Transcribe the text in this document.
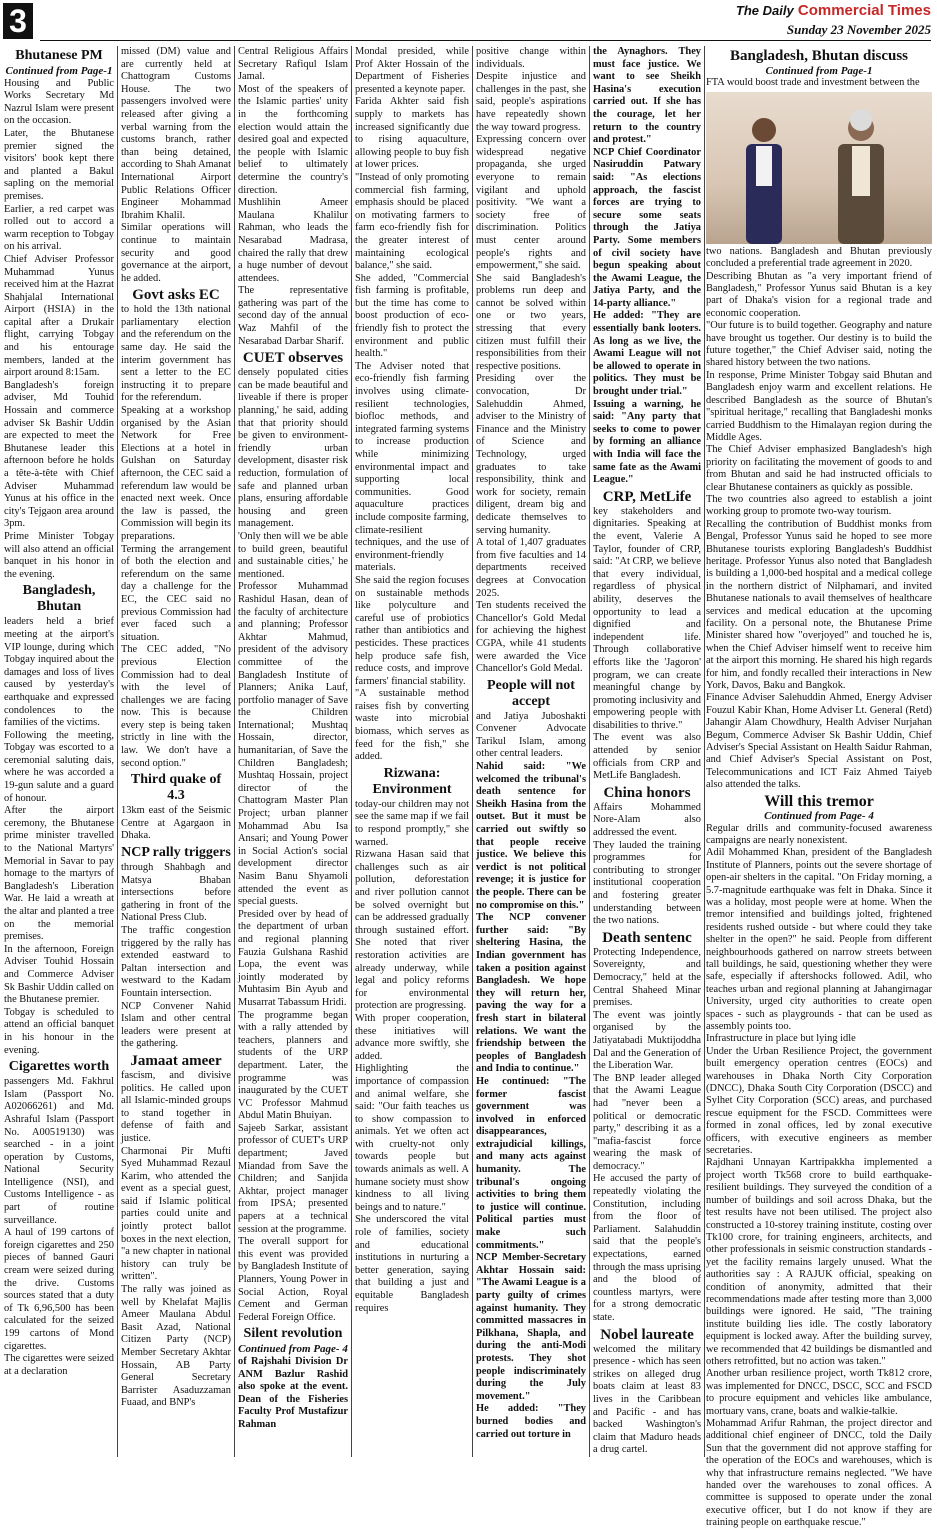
3	The Daily Commercial Times
Sunday 23 November 2025
Bhutanese PM
Continued from Page-1

Housing and Public Works Secretary Md Nazrul Islam were present on the occasion.

Later, the Bhutanese premier signed the visitors' book kept there and planted a Bakul sapling on the memorial premises.

Earlier, a red carpet was rolled out to accord a warm reception to Tobgay on his arrival.

Chief Adviser Professor Muhammad Yunus received him at the Hazrat Shahjalal International Airport (HSIA) in the capital after a Drukair flight, carrying Tobgay and his entourage members, landed at the airport around 8:15am.

Bangladesh's foreign adviser, Md Touhid Hossain and commerce adviser Sk Bashir Uddin are expected to meet the Bhutanese leader this afternoon before he holds a tête-à-tête with Chief Adviser Muhammad Yunus at his office in the city's Tejgaon area around 3pm.

Prime Minister Tobgay will also attend an official banquet in his honor in the evening.

Bangladesh, Bhutan

leaders held a brief meeting at the airport's VIP lounge, during which Tobgay inquired about the damages and loss of lives caused by yesterday's earthquake and expressed condolences to the families of the victims.

Following the meeting, Tobgay was escorted to a ceremonial saluting dais, where he was accorded a 19-gun salute and a guard of honour.

After the airport ceremony, the Bhutanese prime minister travelled to the National Martyrs' Memorial in Savar to pay homage to the martyrs of Bangladesh's Liberation War. He laid a wreath at the altar and planted a tree on the memorial premises.

In the afternoon, Foreign Adviser Touhid Hossain and Commerce Adviser Sk Bashir Uddin called on the Bhutanese premier.

Tobgay is scheduled to attend an official banquet in his honour in the evening.

Cigarettes worth

passengers Md. Fakhrul Islam (Passport No. A02066261) and Md. Ashraful Islam (Passport No. A00519130) was searched - in a joint operation by Customs, National Security Intelligence (NSI), and Customs Intelligence - as part of routine surveillance.

A haul of 199 cartons of foreign cigarettes and 250 pieces of banned Gauri cream were seized during the drive. Customs sources stated that a duty of Tk 6,96,500 has been calculated for the seized 199 cartons of Mond cigarettes.

The cigarettes were seized at a declaration

missed (DM) value and are currently held at Chattogram Customs House. The two passengers involved were released after giving a verbal warning from the customs branch, rather than being detained, according to Shah Amanat International Airport Public Relations Officer Engineer Mohammad Ibrahim Khalil.

Similar operations will continue to maintain security and good governance at the airport, he added.

Govt asks EC

to hold the 13th national parliamentary election and the referendum on the same day. He said the interim government has sent a letter to the EC instructing it to prepare for the referendum.

Speaking at a workshop organised by the Asian Network for Free Elections at a hotel in Gulshan on Saturday afternoon, the CEC said a referendum law would be enacted next week. Once the law is passed, the Commission will begin its preparations.

Terming the arrangement of both the election and referendum on the same day a challenge for the EC, the CEC said no previous Commission had ever faced such a situation.

The CEC added, "No previous Election Commission had to deal with the level of challenges we are facing now. This is because every step is being taken strictly in line with the law. We don't have a second option."

Third quake of 4.3

13km east of the Seismic Centre at Agargaon in Dhaka.

NCP rally triggers

through Shahbagh and Matsya Bhaban intersections before gathering in front of the National Press Club.

The traffic congestion triggered by the rally has extended eastward to Paltan intersection and westward to the Kadam Fountain intersection.

NCP Convener Nahid Islam and other central leaders were present at the gathering.

Jamaat ameer

fascism, and divisive politics. He called upon all Islamic-minded groups to stand together in defense of faith and justice.

Charmonai Pir Mufti Syed Muhammad Rezaul Karim, who attended the event as a special guest, said if Islamic political parties could unite and jointly protect ballot boxes in the next election, "a new chapter in national history can truly be written".

The rally was joined as well by Khelafat Majlis Ameer Maulana Abdul Basit Azad, National Citizen Party (NCP) Member Secretary Akhtar Hossain, AB Party General Secretary Barrister Asaduzzaman Fuaad, and BNP's

Central Religious Affairs Secretary Rafiqul Islam Jamal.

Most of the speakers of the Islamic parties' unity in the forthcoming election would attain the desired goal and expected the people with Islamic belief to ultimately determine the country's direction.

Mushlihin Ameer Maulana Khalilur Rahman, who leads the Nesarabad Madrasa, chaired the rally that drew a huge number of devout attendees.

The representative gathering was part of the second day of the annual Waz Mahfil of the Nesarabad Darbar Sharif.

CUET observes

densely populated cities can be made beautiful and liveable if there is proper planning,' he said, adding that that priority should be given to environment-friendly urban development, disaster risk reduction, formulation of safe and planned urban plans, ensuring affordable housing and green management.

'Only then will we be able to build green, beautiful and sustainable cities,' he mentioned.

Professor Muhammad Rashidul Hasan, dean of the faculty of architecture and planning; Professor Akhtar Mahmud, president of the advisory committee of the Bangladesh Institute of Planners; Anika Lauf, portfolio manager of Save the Children International; Mushtaq Hossain, director, humanitarian, of Save the Children Bangladesh; Mushtaq Hossain, project director of the Chattogram Master Plan Project; urban planner Mohammad Abu Isa Ansari; and Young Power in Social Action's social development director Nasim Banu Shyamoli attended the event as special guests.

Presided over by head of the department of urban and regional planning Fauzia Gulshana Rashid Lopa, the event was jointly moderated by Muhtasim Bin Ayub and Musarrat Tabassum Hridi.

The programme began with a rally attended by teachers, planners and students of the URP department. Later, the programme was inaugurated by the CUET VC Professor Mahmud Abdul Matin Bhuiyan.

Sajeeb Sarkar, assistant professor of CUET's URP department; Javed Miandad from Save the Children; and Sanjida Akhtar, project manager from IPSA; presented papers at a technical session at the programme.

The overall support for this event was provided by Bangladesh Institute of Planners, Young Power in Social Action, Royal Cement and German Federal Foreign Office.

Silent revolution
Continued from Page- 4

of Rajshahi Division Dr ANM Bazlur Rashid also spoke at the event. Dean of the Fisheries Faculty Prof Mustafizur Rahman

Mondal presided, while Prof Akter Hossain of the Department of Fisheries presented a keynote paper.

Farida Akhter said fish supply to markets has increased significantly due to rising aquaculture, allowing people to buy fish at lower prices.

"Instead of only promoting commercial fish farming, emphasis should be placed on motivating farmers to farm eco-friendly fish for the greater interest of maintaining ecological balance," she said.

She added, "Commercial fish farming is profitable, but the time has come to boost production of eco-friendly fish to protect the environment and public health."

The Adviser noted that eco-friendly fish farming involves using climate-resilient technologies, biofloc methods, and integrated farming systems to increase production while minimizing environmental impact and supporting local communities. Good aquaculture practices include composite farming, climate-resilient techniques, and the use of environment-friendly materials.

She said the region focuses on sustainable methods like polyculture and careful use of probiotics rather than antibiotics and pesticides. These practices help produce safe fish, reduce costs, and improve farmers' financial stability.

"A sustainable method raises fish by converting waste into microbial biomass, which serves as feed for the fish," she added.

Rizwana: Environment

today-our children may not see the same map if we fail to respond promptly," she warned.

Rizwana Hasan said that challenges such as air pollution, deforestation and river pollution cannot be solved overnight but can be addressed gradually through sustained effort. She noted that river restoration activities are already underway, while legal and policy reforms for environmental protection are progressing.

With proper cooperation, these initiatives will advance more swiftly, she added.

Highlighting the importance of compassion and animal welfare, she said: "Our faith teaches us to show compassion to animals. Yet we often act with cruelty-not only towards people but towards animals as well. A humane society must show kindness to all living beings and to nature."

She underscored the vital role of families, society and educational institutions in nurturing a better generation, saying that building a just and equitable Bangladesh requires

positive change within individuals.

Despite injustice and challenges in the past, she said, people's aspirations have repeatedly shown the way toward progress.

Expressing concern over widespread negative propaganda, she urged everyone to remain vigilant and uphold positivity. "We want a society free of discrimination. Politics must center around people's rights and empowerment," she said.

She said Bangladesh's problems run deep and cannot be solved within one or two years, stressing that every citizen must fulfill their responsibilities from their respective positions.

Presiding over the convocation, Dr Salehuddin Ahmed, adviser to the Ministry of Finance and the Ministry of Science and Technology, urged graduates to take responsibility, think and work for society, remain diligent, dream big and dedicate themselves to serving humanity.

A total of 1,407 graduates from five faculties and 14 departments received degrees at Convocation 2025.

Ten students received the Chancellor's Gold Medal for achieving the highest CGPA, while 41 students were awarded the Vice Chancellor's Gold Medal.

People will not accept

and Jatiya Juboshakti Convener Advocate Tarikul Islam, among other central leaders.

Nahid said: "We welcomed the tribunal's death sentence for Sheikh Hasina from the outset. But it must be carried out swiftly so that people receive justice. We believe this verdict is not political revenge; it is justice for the people. There can be no compromise on this."

The NCP convener further said: "By sheltering Hasina, the Indian government has taken a position against Bangladesh. We hope they will return her, paving the way for a fresh start in bilateral relations. We want the friendship between the peoples of Bangladesh and India to continue."

He continued: "The former fascist government was involved in enforced disappearances, extrajudicial killings, and many acts against humanity. The tribunal's ongoing activities to bring them to justice will continue. Political parties must make such commitments."

NCP Member-Secretary Akhtar Hossain said: "The Awami League is a party guilty of crimes against humanity. They committed massacres in Pilkhana, Shapla, and during the anti-Modi protests. They shot people indiscriminately during the July movement."

He added: "They burned bodies and carried out torture in

the Aynaghors. They must face justice. We want to see Sheikh Hasina's execution carried out. If she has the courage, let her return to the country and protest."

NCP Chief Coordinator Nasiruddin Patwary said: "As elections approach, the fascist forces are trying to secure some seats through the Jatiya Party. Some members of civil society have begun speaking about the Awami League, the Jatiya Party, and the 14-party alliance."

He added: "They are essentially bank looters. As long as we live, the Awami League will not be allowed to operate in politics. They must be brought under trial."

Issuing a warning, he said: "Any party that seeks to come to power by forming an alliance with India will face the same fate as the Awami League."

CRP, MetLife

key stakeholders and dignitaries. Speaking at the event, Valerie A Taylor, founder of CRP, said: "At CRP, we believe that every individual, regardless of physical ability, deserves the opportunity to lead a dignified and independent life. Through collaborative efforts like the 'Jagoron' program, we can create meaningful change by promoting inclusivity and empowering people with disabilities to thrive."

The event was also attended by senior officials from CRP and MetLife Bangladesh.

China honors

Affairs Mohammed Nore-Alam also addressed the event.

They lauded the training programmes for contributing to stronger institutional cooperation and fostering greater understanding between the two nations.

Death sentenc

Protecting Independence, Sovereignty, and Democracy," held at the Central Shaheed Minar premises.

The event was jointly organised by the Jatiyatabadi Muktijoddha Dal and the Generation of the Liberation War.

The BNP leader alleged that the Awami League had "never been a political or democratic party," describing it as a "mafia-fascist force wearing the mask of democracy."

He accused the party of repeatedly violating the Constitution, including from the floor of Parliament. Salahuddin said that the people's expectations, earned through the mass uprising and the blood of countless martyrs, were for a strong democratic state.

Nobel laureate

welcomed the military presence - which has seen strikes on alleged drug boats claim at least 83 lives in the Caribbean and Pacific - and has backed Washington's claim that Maduro heads a drug cartel.

Bangladesh, Bhutan discuss
Continued from Page-1

FTA would boost trade and investment between the

two nations. Bangladesh and Bhutan previously concluded a preferential trade agreement in 2020.

Describing Bhutan as "a very important friend of Bangladesh," Professor Yunus said Bhutan is a key part of Dhaka's vision for a regional trade and economic cooperation.

"Our future is to build together. Geography and nature have brought us together. Our destiny is to build the future together," the Chief Adviser said, noting the shared history between the two nations.

In response, Prime Minister Tobgay said Bhutan and Bangladesh enjoy warm and excellent relations. He described Bangladesh as the source of Bhutan's "spiritual heritage," recalling that Bangladeshi monks carried Buddhism to the Himalayan region during the Middle Ages.

The Chief Adviser emphasized Bangladesh's high priority on facilitating the movement of goods to and from Bhutan and said he had instructed officials to clear Bhutanese containers as quickly as possible.

The two countries also agreed to establish a joint working group to promote two-way tourism.

Recalling the contribution of Buddhist monks from Bengal, Professor Yunus said he hoped to see more Bhutanese tourists exploring Bangladesh's Buddhist heritage. Professor Yunus also noted that Bangladesh is building a 1,000-bed hospital and a medical college in the northern district of Nilphamari, and invited Bhutanese nationals to avail themselves of healthcare services and medical education at the upcoming facility. On a personal note, the Bhutanese Prime Minister shared how "overjoyed" and touched he is, when the Chief Adviser himself went to receive him at the airport this morning. He shared his high regards for him, and fondly recalled their interactions in New York, Davos, Baku and Bangkok.

Finance Adviser Salehuddin Ahmed, Energy Adviser Fouzul Kabir Khan, Home Adviser Lt. General (Retd) Jahangir Alam Chowdhury, Health Adviser Nurjahan Begum, Commerce Adviser Sk Bashir Uddin, Chief Adviser's Special Assistant on Health Saidur Rahman, and Chief Adviser's Special Assistant on Post, Telecommunications and ICT Faiz Ahmed Taiyeb also attended the talks.

Will this tremor
Continued from Page- 4

Regular drills and community-focused awareness campaigns are nearly nonexistent.

Adil Mohammed Khan, president of the Bangladesh Institute of Planners, points out the severe shortage of open-air shelters in the capital. "On Friday morning, a 5.7-magnitude earthquake was felt in Dhaka. Since it was a holiday, most people were at home. When the tremor intensified and buildings jolted, frightened residents rushed outside - but where could they take shelter in the open?" he said. People from different neighbourhoods gathered on narrow streets between tall buildings, he said, questioning whether they were safe, especially if aftershocks followed. Adil, who teaches urban and regional planning at Jahangirnagar University, urged city authorities to create open spaces - such as playgrounds - that can be used as assembly points too.

Infrastructure in place but lying idle

Under the Urban Resilience Project, the government built emergency operation centres (EOCs) and warehouses in Dhaka North City Corporation (DNCC), Dhaka South City Corporation (DSCC) and Sylhet City Corporation (SCC) areas, and purchased rescue equipment for the FSCD. Committees were formed in zonal offices, led by zonal executive officers, with executive engineers as member secretaries.

Rajdhani Unnayan Kartripakkha implemented a project worth Tk568 crore to build earthquake-resilient buildings. They surveyed the condition of a number of buildings and soil across Dhaka, but the test results have not been utilised. The project also constructed a 10-storey training institute, costing over Tk100 crore, for training engineers, architects, and other professionals in seismic construction standards - yet the facility remains largely unused. What the authorities say : A RAJUK official, speaking on condition of anonymity, admitted that their recommendations made after testing more than 3,000 buildings were ignored. He said, "The training institute building lies idle. The costly laboratory equipment is locked away. After the building survey, we recommended that 42 buildings be dismantled and others retrofitted, but no action was taken."

Another urban resilience project, worth Tk812 crore, was implemented for DNCC, DSCC, SCC and FSCD to procure equipment and vehicles like ambulance, mortuary vans, crane, boats and walkie-talkie.

Mohammad Arifur Rahman, the project director and additional chief engineer of DNCC, told the Daily Sun that the government did not approve staffing for the operation of the EOCs and warehouses, which is why that infrastructure remains neglected. "We have handed over the warehouses to zonal offices. A committee is supposed to operate under the zonal executive officer, but I do not know if they are training people on earthquake rescue."
